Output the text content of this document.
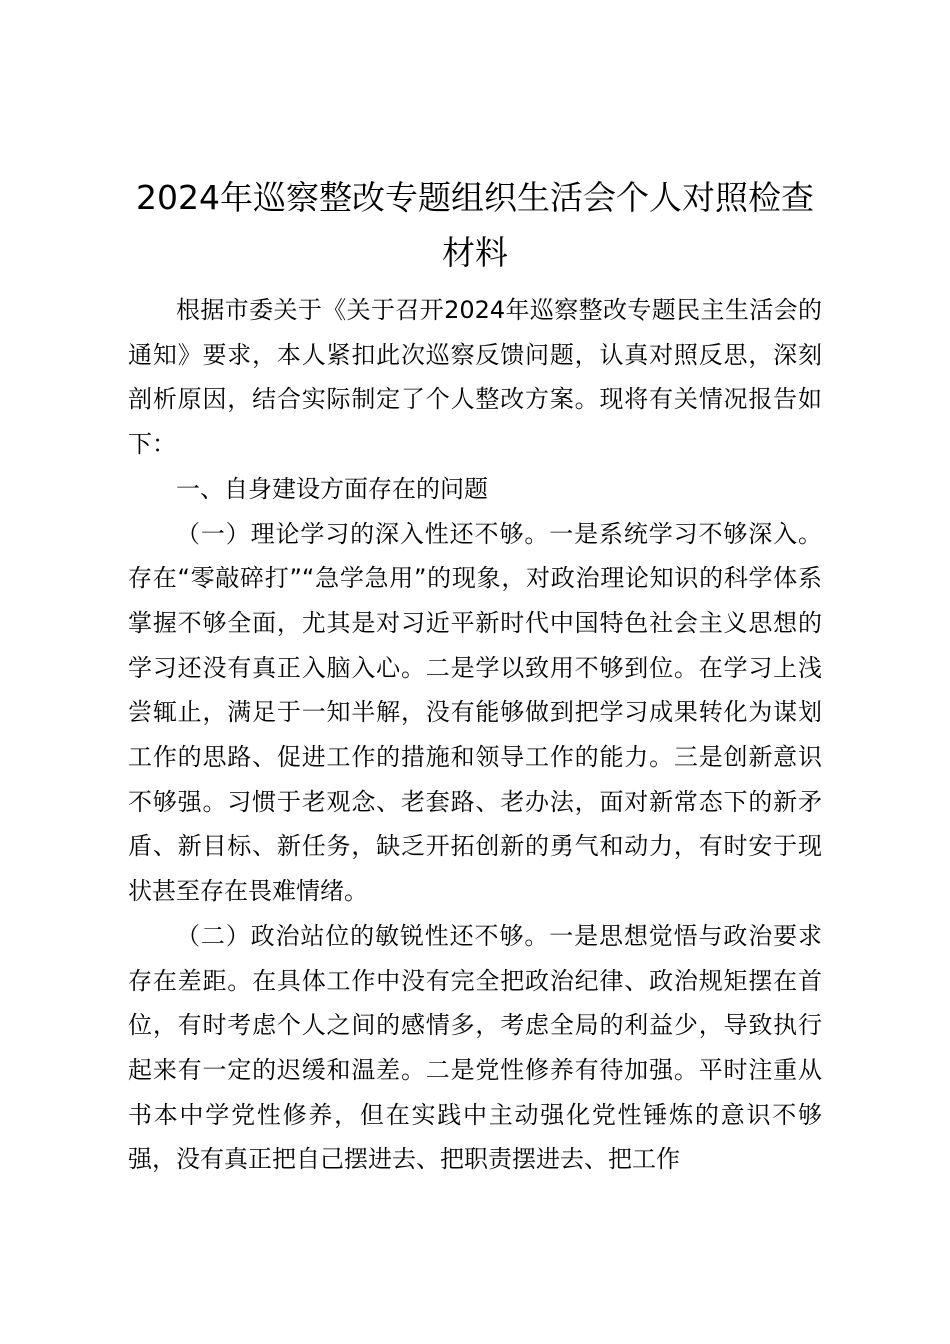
2024年巡察整改专题组织生活会个人对照检查材料

根据市委关于《关于召开2024年巡察整改专题民主生活会的通知》要求，本人紧扣此次巡察反馈问题，认真对照反思，深刻剖析原因，结合实际制定了个人整改方案。现将有关情况报告如下：

一、自身建设方面存在的问题

（一）理论学习的深入性还不够。一是系统学习不够深入。存在“零敲碎打”“急学急用”的现象，对政治理论知识的科学体系掌握不够全面，尤其是对习近平新时代中国特色社会主义思想的学习还没有真正入脑入心。二是学以致用不够到位。在学习上浅尝辄止，满足于一知半解，没有能够做到把学习成果转化为谋划工作的思路、促进工作的措施和领导工作的能力。三是创新意识不够强。习惯于老观念、老套路、老办法，面对新常态下的新矛盾、新目标、新任务，缺乏开拓创新的勇气和动力，有时安于现状甚至存在畏难情绪。

（二）政治站位的敏锐性还不够。一是思想觉悟与政治要求存在差距。在具体工作中没有完全把政治纪律、政治规矩摆在首位，有时考虑个人之间的感情多，考虑全局的利益少，导致执行起来有一定的迟缓和温差。二是党性修养有待加强。平时注重从书本中学党性修养，但在实践中主动强化党性锤炼的意识不够强，没有真正把自己摆进去、把职责摆进去、把工作
